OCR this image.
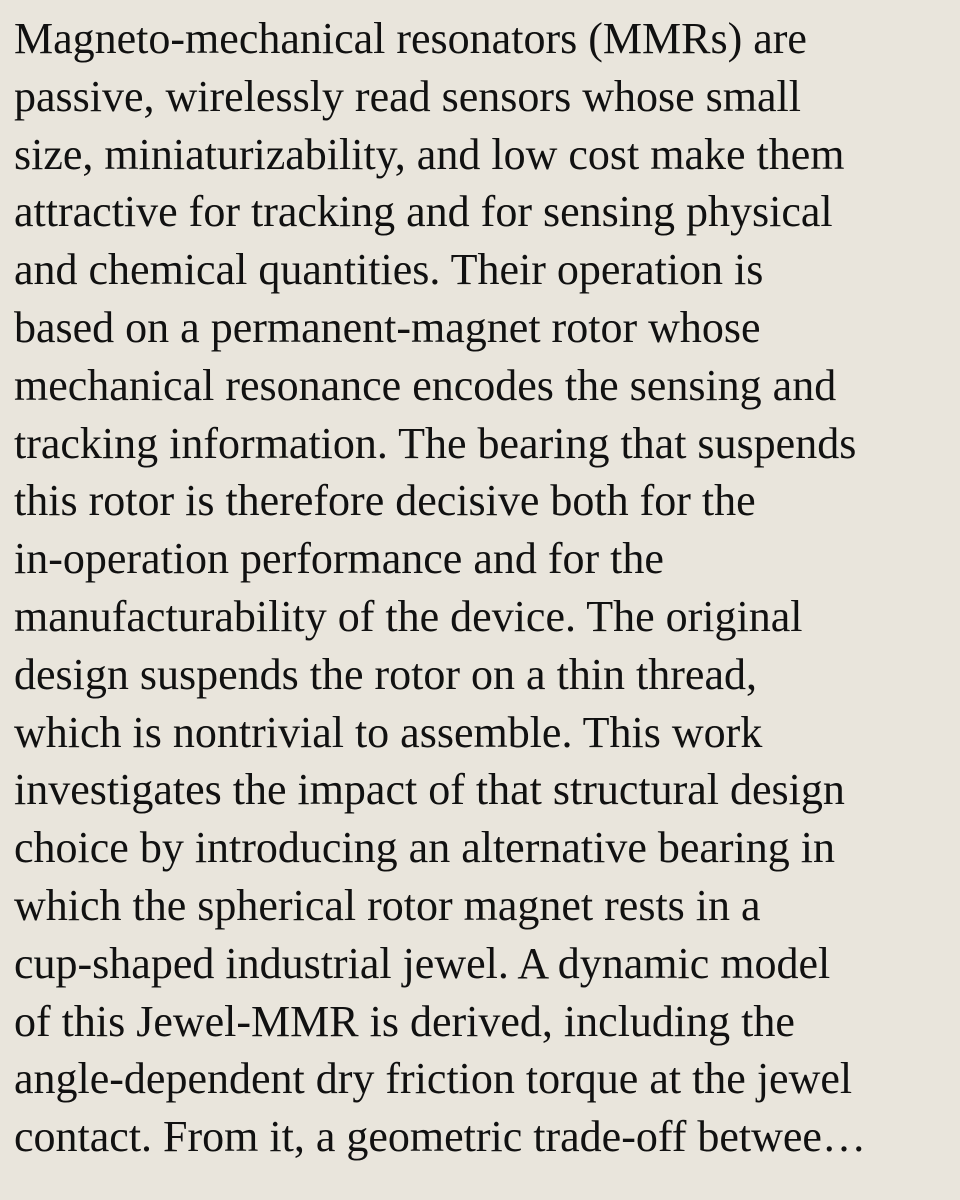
Magneto-mechanical resonators (MMRs) are
passive, wirelessly read sensors whose small
size, miniaturizability, and low cost make them
attractive for tracking and for sensing physical
and chemical quantities. Their operation is
based on a permanent-magnet rotor whose
mechanical resonance encodes the sensing and
tracking information. The bearing that suspends
this rotor is therefore decisive both for the
in-operation performance and for the
manufacturability of the device. The original
design suspends the rotor on a thin thread,
which is nontrivial to assemble. This work
investigates the impact of that structural design
choice by introducing an alternative bearing in
which the spherical rotor magnet rests in a
cup-shaped industrial jewel. A dynamic model
of this Jewel-MMR is derived, including the
angle-dependent dry friction torque at the jewel
contact. From it, a geometric trade-off betwee…
